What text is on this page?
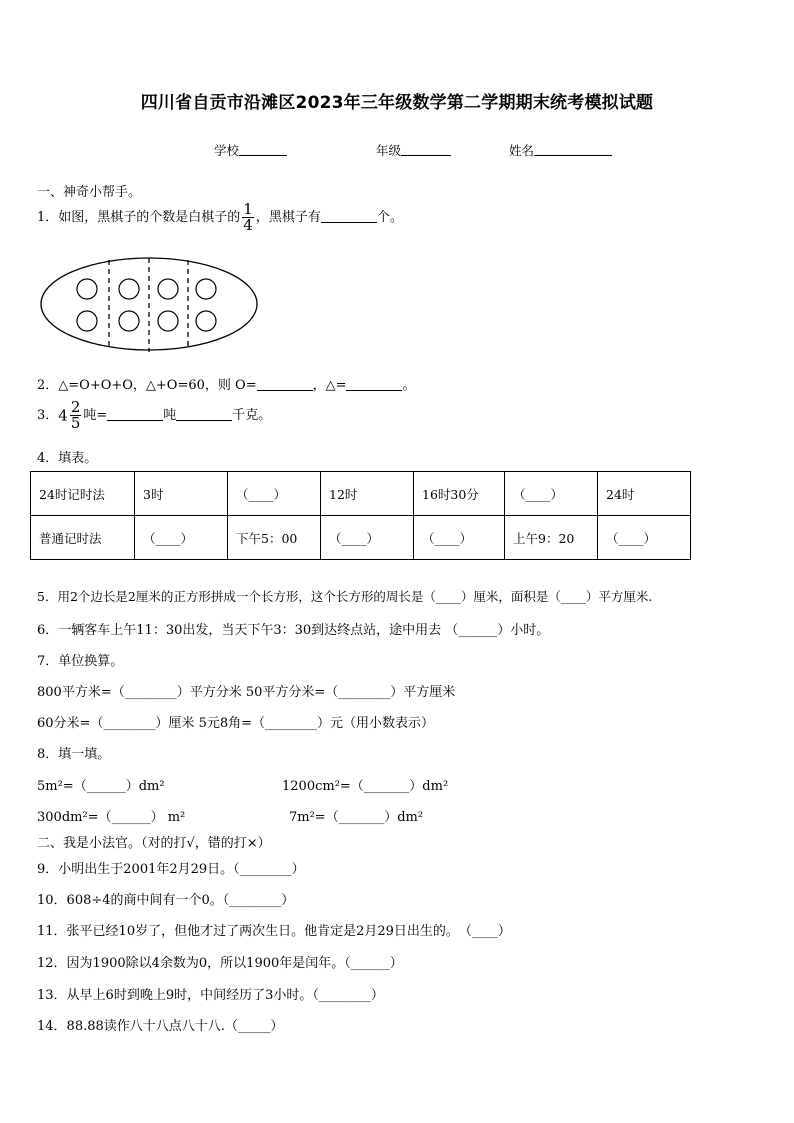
四川省自贡市沿滩区2023年三年级数学第二学期期末统考模拟试题
学校	年级	姓名
一、神奇小帮手。
1．如图，黑棋子的个数是白棋子的 $\frac{1}{4}$ ，黑棋子有	个。
2．△=O+O+O，△+O=60，则 O=	，△=	。
3．$4 \frac{2}{5}$ 吨=	吨	千克。
4．填表。
24时记时法	3时	（____）	12时	16时30分	（____）	24时
普通记时法	（____）	下午5：00	（____）	（____）	上午9：20	（____）
5．用2个边长是2厘米的正方形拼成一个长方形，这个长方形的周长是（____）厘米，面积是（____）平方厘米.
6．一辆客车上午11：30出发，当天下午3：30到达终点站，途中用去 （______）小时。
7．单位换算。
800平方米=（________）平方分米 50平方分米=（________）平方厘米
60分米=（________）厘米 5元8角=（________）元（用小数表示）
8．填一填。
5m²=（______）dm²	1200cm²=（_______）dm²
300dm²=（______） m²	7m²=（_______）dm²
二、我是小法官。（对的打√，错的打×）
9．小明出生于2001年2月29日。（________）
10．608÷4的商中间有一个0。（________）
11．张平已经10岁了，但他才过了两次生日。他肯定是2月29日出生的。　（____）
12．因为1900除以4余数为0，所以1900年是闰年。（______）
13．从早上6时到晚上9时，中间经历了3小时。（________）
14．88.88读作八十八点八十八.（_____）
